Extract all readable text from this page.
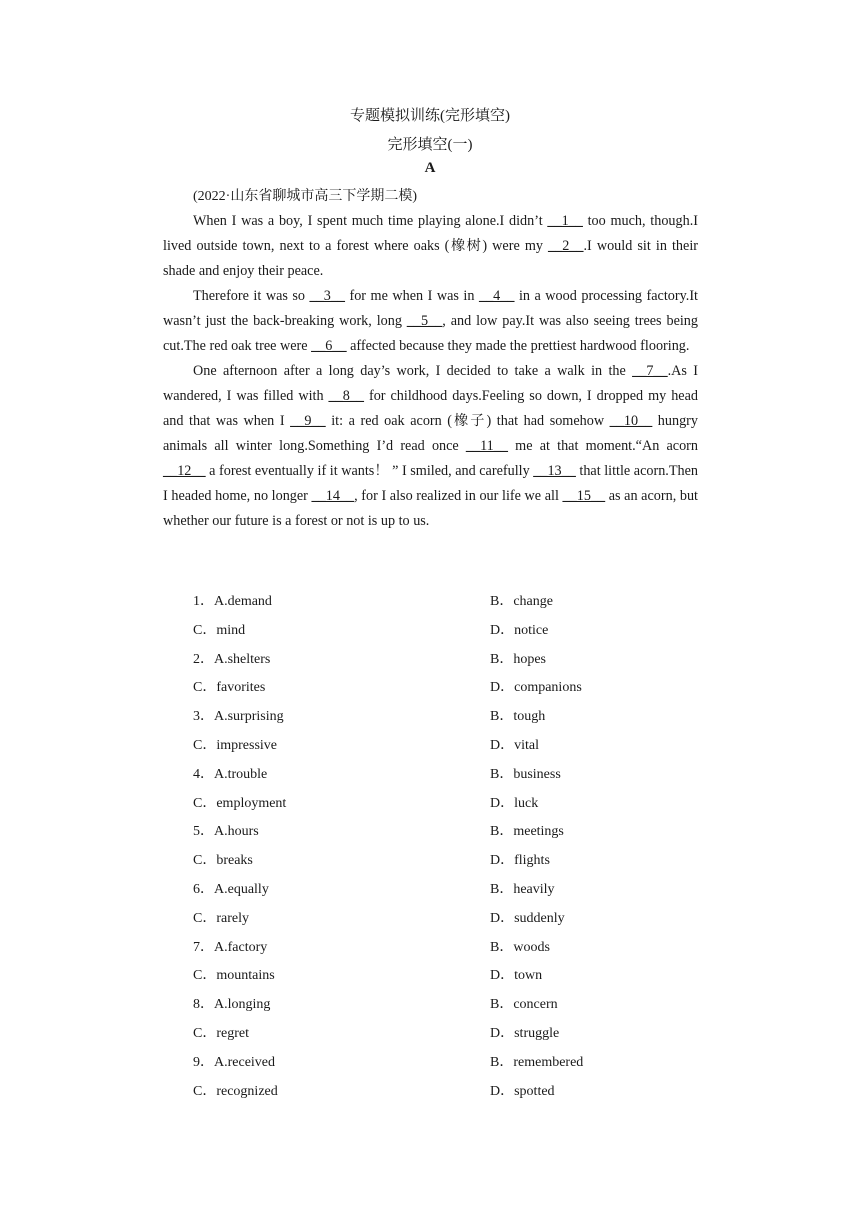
专题模拟训练(完形填空)
完形填空(一)
A
(2022·山东省聊城市高三下学期二模)

When I was a boy, I spent much time playing alone.I didn’t __1__ too much, though.I lived outside town, next to a forest where oaks (橡树) were my __2__.I would sit in their shade and enjoy their peace.

Therefore it was so __3__ for me when I was in __4__ in a wood processing factory.It wasn’t just the back-breaking work, long __5__, and low pay.It was also seeing trees being cut.The red oak tree were __6__ affected because they made the prettiest hardwood flooring.

One afternoon after a long day’s work, I decided to take a walk in the __7__.As I wandered, I was filled with __8__ for childhood days.Feeling so down, I dropped my head and that was when I __9__ it: a red oak acorn (橡子) that had somehow __10__ hungry animals all winter long.Something I’d read once __11__ me at that moment.“An acorn __12__ a forest eventually if it wants！ ” I smiled, and carefully __13__ that little acorn.Then I headed home, no longer __14__, for I also realized in our life we all __15__ as an acorn, but whether our future is a forest or not is up to us.

1．A.demand	B．change
C．mind	D．notice
2．A.shelters	B．hopes
C．favorites	D．companions
3．A.surprising	B．tough
C．impressive	D．vital
4．A.trouble	B．business
C．employment	D．luck
5．A.hours	B．meetings
C．breaks	D．flights
6．A.equally	B．heavily
C．rarely	D．suddenly
7．A.factory	B．woods
C．mountains	D．town
8．A.longing	B．concern
C．regret	D．struggle
9．A.received	B．remembered
C．recognized	D．spotted
